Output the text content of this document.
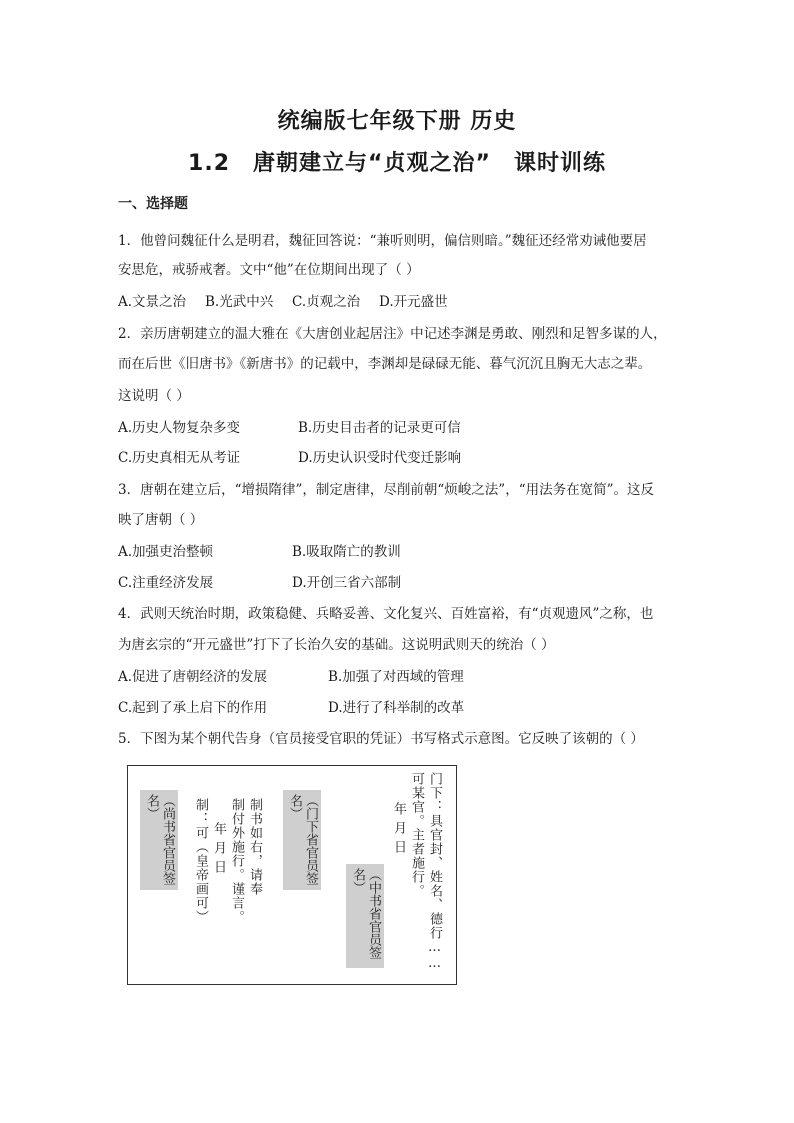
统编版七年级下册 历史
1.2　唐朝建立与“贞观之治”　课时训练
一、选择题
1．他曾问魏征什么是明君，魏征回答说：“兼听则明，偏信则暗。”魏征还经常劝诫他要居
安思危，戒骄戒奢。文中“他”在位期间出现了（ ）
A.文景之治 B.光武中兴 C.贞观之治 D.开元盛世
2．亲历唐朝建立的温大雅在《大唐创业起居注》中记述李渊是勇敢、刚烈和足智多谋的人，
而在后世《旧唐书》《新唐书》的记载中，李渊却是碌碌无能、暮气沉沉且胸无大志之辈。
这说明（ ）
A.历史人物复杂多变	B.历史目击者的记录更可信
C.历史真相无从考证	D.历史认识受时代变迁影响
3．唐朝在建立后，“增损隋律”，制定唐律，尽削前朝“烦峻之法”，“用法务在宽简”。这反
映了唐朝（ ）
A.加强吏治整顿	B.吸取隋亡的教训
C.注重经济发展	D.开创三省六部制
4．武则天统治时期，政策稳健、兵略妥善、文化复兴、百姓富裕，有“贞观遗风”之称，也
为唐玄宗的“开元盛世”打下了长治久安的基础。这说明武则天的统治（ ）
A.促进了唐朝经济的发展	B.加强了对西域的管理
C.起到了承上启下的作用	D.进行了科举制的改革
5．下图为某个朝代告身（官员接受官职的凭证）书写格式示意图。它反映了该朝的（ ）
门下：具官封、姓名、德行……
可某官。主者施行。
年月日
（中书省官员签名）
制书如右，请奉
制付外施行。谨言。
年月日	（门下省官员签名）
制：可（皇帝画可）
（尚书省官员签名）
